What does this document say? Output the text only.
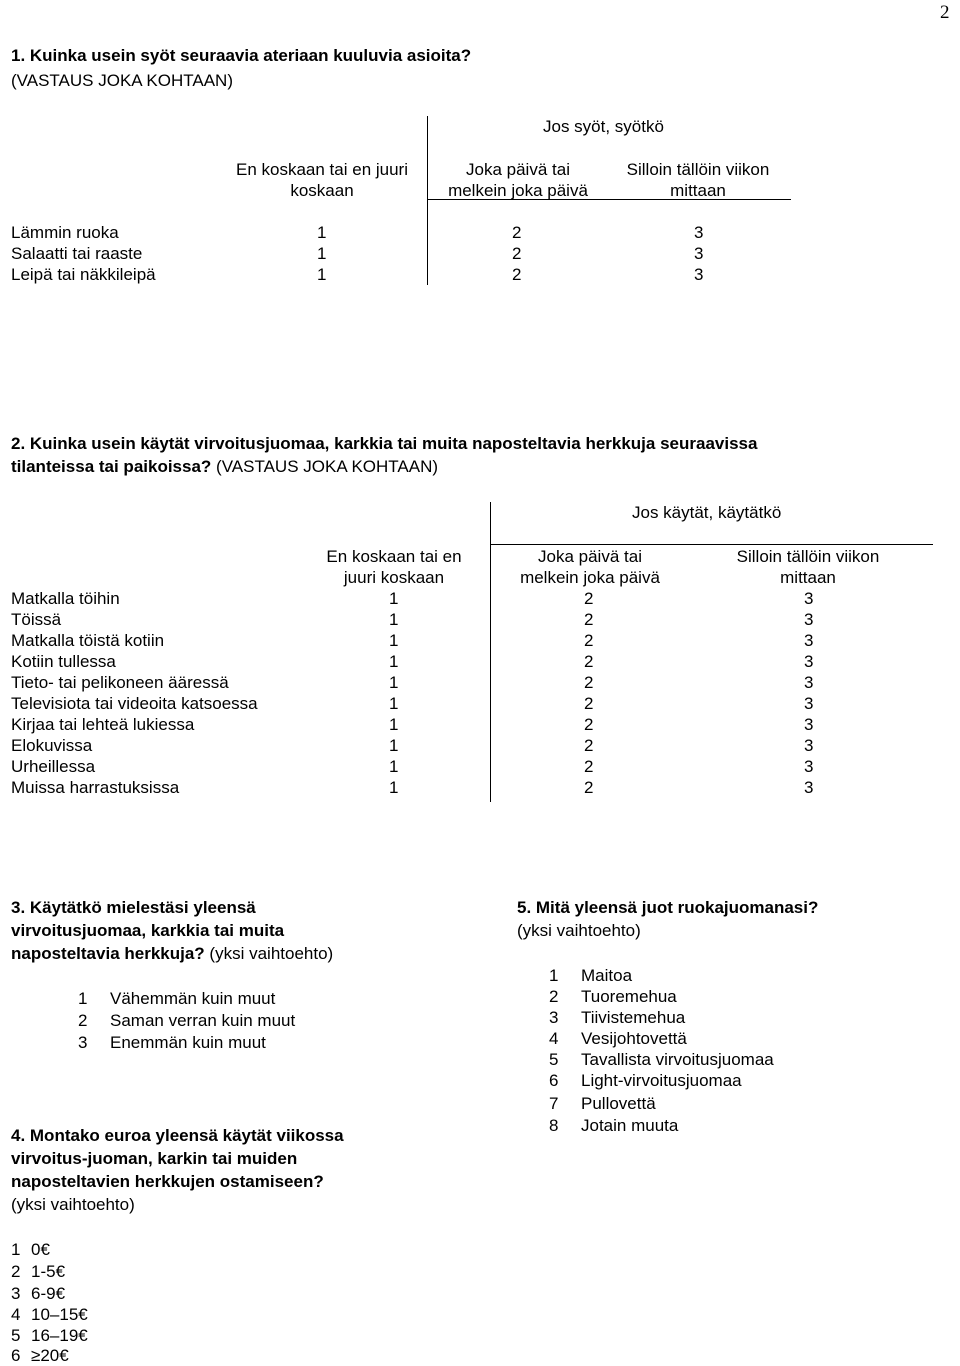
2
1. Kuinka usein syöt seuraavia ateriaan kuuluvia asioita?
(VASTAUS JOKA KOHTAAN)
Jos syöt, syötkö
En koskaan tai en juuri
koskaan
Joka päivä tai
melkein joka päivä
Silloin tällöin viikon
mittaan
Lämmin ruoka	1	2	3
Salaatti tai raaste	1	2	3
Leipä tai näkkileipä	1	2	3
2. Kuinka usein käytät virvoitusjuomaa, karkkia tai muita naposteltavia herkkuja seuraavissa
tilanteissa tai paikoissa? (VASTAUS JOKA KOHTAAN)
Jos käytät, käytätkö
En koskaan tai en
juuri koskaan
Joka päivä tai
melkein joka päivä
Silloin tällöin viikon
mittaan
Matkalla töihin	1	2	3
Töissä	1	2	3
Matkalla töistä kotiin	1	2	3
Kotiin tullessa	1	2	3
Tieto- tai pelikoneen ääressä	1	2	3
Televisiota tai videoita katsoessa	1	2	3
Kirjaa tai lehteä lukiessa	1	2	3
Elokuvissa	1	2	3
Urheillessa	1	2	3
Muissa harrastuksissa	1	2	3
3. Käytätkö mielestäsi yleensä
virvoitusjuomaa, karkkia tai muita
naposteltavia herkkuja? (yksi vaihtoehto)
1 Vähemmän kuin muut
2 Saman verran kuin muut
3 Enemmän kuin muut
4. Montako euroa yleensä käytät viikossa
virvoitus-juoman, karkin tai muiden
naposteltavien herkkujen ostamiseen?
(yksi vaihtoehto)
1 0€
2 1-5€
3 6-9€
4 10–15€
5 16–19€
6 ≥20€
5. Mitä yleensä juot ruokajuomanasi?
(yksi vaihtoehto)
1 Maitoa
2 Tuoremehua
3 Tiivistemehua
4 Vesijohtovettä
5 Tavallista virvoitusjuomaa
6 Light-virvoitusjuomaa
7 Pullovettä
8 Jotain muuta
